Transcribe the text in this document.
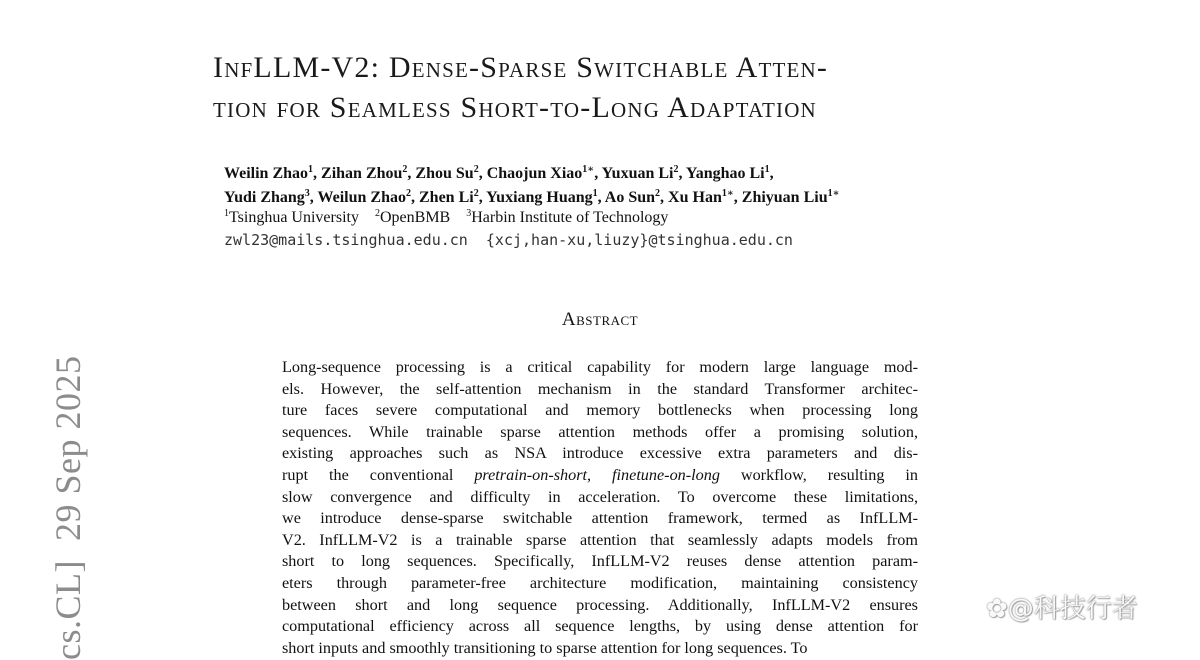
InfLLM-V2: Dense-Sparse Switchable Atten-
tion for Seamless Short-to-Long Adaptation
Weilin Zhao$^1$, Zihan Zhou$^2$, Zhou Su$^2$, Chaojun Xiao$^{1∗}$, Yuxuan Li$^2$, Yanghao Li$^1$,
Yudi Zhang$^3$, Weilun Zhao$^2$, Zhen Li$^2$, Yuxiang Huang$^1$, Ao Sun$^2$, Xu Han$^{1∗}$, Zhiyuan Liu$^{1∗}$
$^1$Tsinghua University $^2$OpenBMB $^3$Harbin Institute of Technology
zwl23@mails.tsinghua.edu.cn  {xcj,han-xu,liuzy}@tsinghua.edu.cn
Abstract
Long-sequence processing is a critical capability for modern large language mod-
els. However, the self-attention mechanism in the standard Transformer architec-
ture faces severe computational and memory bottlenecks when processing long
sequences. While trainable sparse attention methods offer a promising solution,
existing approaches such as NSA introduce excessive extra parameters and dis-
rupt the conventional pretrain-on-short, finetune-on-long workflow, resulting in
slow convergence and difficulty in acceleration. To overcome these limitations,
we introduce dense-sparse switchable attention framework, termed as InfLLM-
V2. InfLLM-V2 is a trainable sparse attention that seamlessly adapts models from
short to long sequences. Specifically, InfLLM-V2 reuses dense attention param-
eters through parameter-free architecture modification, maintaining consistency
between short and long sequence processing. Additionally, InfLLM-V2 ensures
computational efficiency across all sequence lengths, by using dense attention for
short inputs and smoothly transitioning to sparse attention for long sequences. To
cs.CL]  29 Sep 2025	✿@科技行者
